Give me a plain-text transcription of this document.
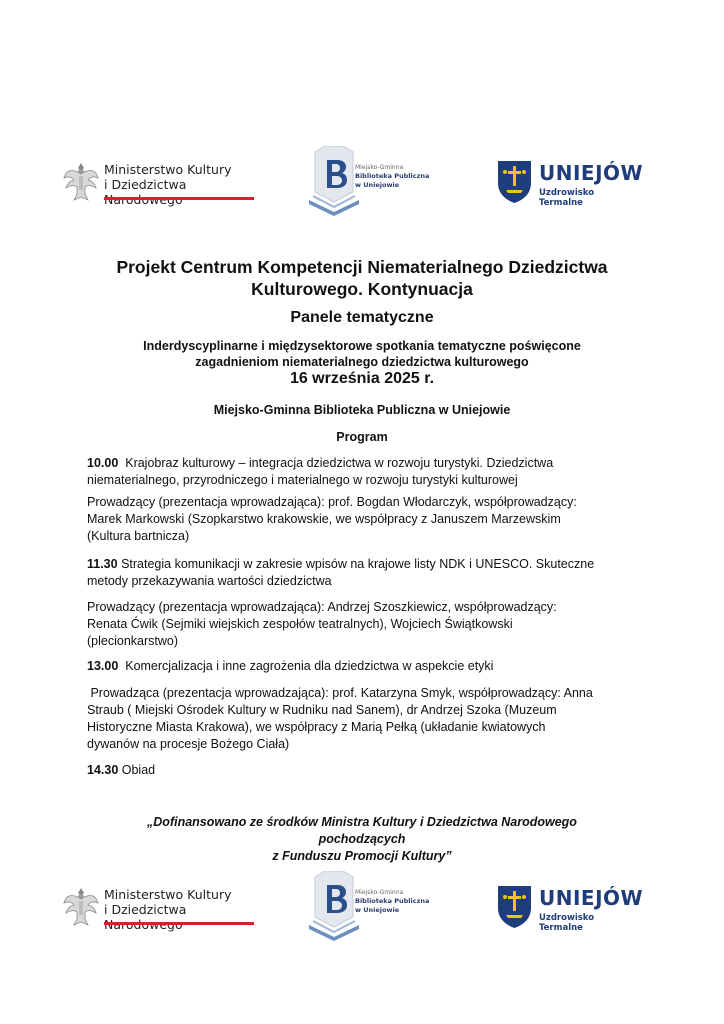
Ministerstwo Kultury
i Dziedzictwa
Miejsko-Gminna
Biblioteka Publiczna
w Uniejowie	UNIEJÓW
Uzdrowisko Termalne
Projekt Centrum Kompetencji Niematerialnego Dziedzictwa
Kulturowego. Kontynuacja
Panele tematyczne
Inderdyscyplinarne i międzysektorowe spotkania tematyczne poświęcone
zagadnieniom niematerialnego dziedzictwa kulturowego
16 września 2025 r.
Miejsko-Gminna Biblioteka Publiczna w Uniejowie
Program
10.00  Krajobraz kulturowy – integracja dziedzictwa w rozwoju turystyki. Dziedzictwa
niematerialnego, przyrodniczego i materialnego w rozwoju turystyki kulturowej
Prowadzący (prezentacja wprowadzająca): prof. Bogdan Włodarczyk, współprowadzący:
Marek Markowski (Szopkarstwo krakowskie, we współpracy z Januszem Marzewskim
(Kultura bartnicza)
11.30 Strategia komunikacji w zakresie wpisów na krajowe listy NDK i UNESCO. Skuteczne
metody przekazywania wartości dziedzictwa
Prowadzący (prezentacja wprowadzająca): Andrzej Szoszkiewicz, współprowadzący:
Renata Ćwik (Sejmiki wiejskich zespołów teatralnych), Wojciech Świątkowski
(plecionkarstwo)
13.00  Komercjalizacja i inne zagrożenia dla dziedzictwa w aspekcie etyki
Prowadząca (prezentacja wprowadzająca): prof. Katarzyna Smyk, współprowadzący: Anna
Straub ( Miejski Ośrodek Kultury w Rudniku nad Sanem), dr Andrzej Szoka (Muzeum
Historyczne Miasta Krakowa), we współpracy z Marią Pełką (układanie kwiatowych
dywanów na procesje Bożego Ciała)
14.30 Obiad
„Dofinansowano ze środków Ministra Kultury i Dziedzictwa Narodowego
pochodzących
z Funduszu Promocji Kultury”
Ministerstwo Kultury
i Dziedzictwa
Miejsko-Gminna
Biblioteka Publiczna
w Uniejowie	UNIEJÓW
Uzdrowisko Termalne
